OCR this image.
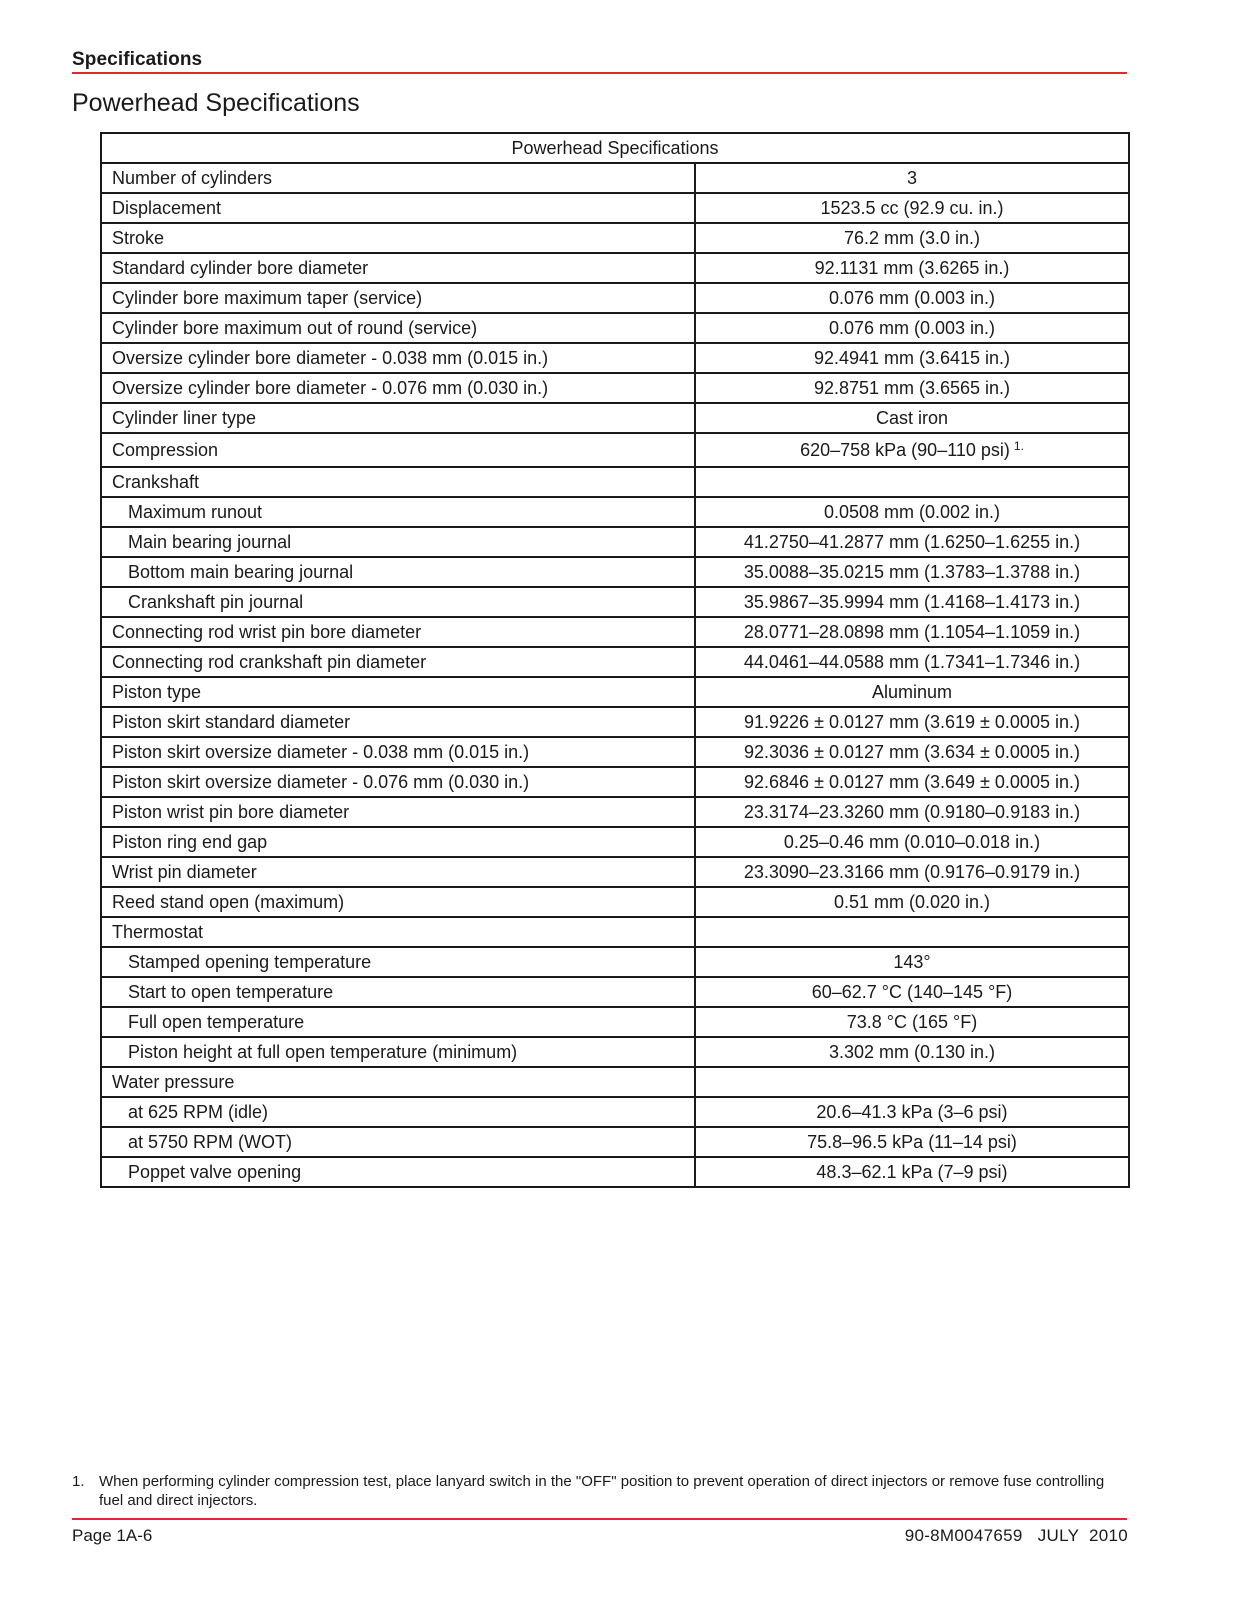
Specifications
Powerhead Specifications
Powerhead Specifications	
Number of cylinders	3
Displacement	1523.5 cc (92.9 cu. in.)
Stroke	76.2 mm (3.0 in.)
Standard cylinder bore diameter	92.1131 mm (3.6265 in.)
Cylinder bore maximum taper (service)	0.076 mm (0.003 in.)
Cylinder bore maximum out of round (service)	0.076 mm (0.003 in.)
Oversize cylinder bore diameter - 0.038 mm (0.015 in.)	92.4941 mm (3.6415 in.)
Oversize cylinder bore diameter - 0.076 mm (0.030 in.)	92.8751 mm (3.6565 in.)
Cylinder liner type	Cast iron
Compression	620–758 kPa (90–110 psi) $^{1.}$
Crankshaft	
Maximum runout	0.0508 mm (0.002 in.)
Main bearing journal	41.2750–41.2877 mm (1.6250–1.6255 in.)
Bottom main bearing journal	35.0088–35.0215 mm (1.3783–1.3788 in.)
Crankshaft pin journal	35.9867–35.9994 mm (1.4168–1.4173 in.)
Connecting rod wrist pin bore diameter	28.0771–28.0898 mm (1.1054–1.1059 in.)
Connecting rod crankshaft pin diameter	44.0461–44.0588 mm (1.7341–1.7346 in.)
Piston type	Aluminum
Piston skirt standard diameter	91.9226 ± 0.0127 mm (3.619 ± 0.0005 in.)
Piston skirt oversize diameter - 0.038 mm (0.015 in.)	92.3036 ± 0.0127 mm (3.634 ± 0.0005 in.)
Piston skirt oversize diameter - 0.076 mm (0.030 in.)	92.6846 ± 0.0127 mm (3.649 ± 0.0005 in.)
Piston wrist pin bore diameter	23.3174–23.3260 mm (0.9180–0.9183 in.)
Piston ring end gap	0.25–0.46 mm (0.010–0.018 in.)
Wrist pin diameter	23.3090–23.3166 mm (0.9176–0.9179 in.)
Reed stand open (maximum)	0.51 mm (0.020 in.)
Thermostat	
Stamped opening temperature	143°
Start to open temperature	60–62.7 °C (140–145 °F)
Full open temperature	73.8 °C (165 °F)
Piston height at full open temperature (minimum)	3.302 mm (0.130 in.)
Water pressure	
at 625 RPM (idle)	20.6–41.3 kPa (3–6 psi)
at 5750 RPM (WOT)	75.8–96.5 kPa (11–14 psi)
Poppet valve opening	48.3–62.1 kPa (7–9 psi)
1. When performing cylinder compression test, place lanyard switch in the "OFF" position to prevent operation of direct injectors or remove fuse controlling fuel and direct injectors.
Page 1A-6	90-8M0047659   JULY  2010
